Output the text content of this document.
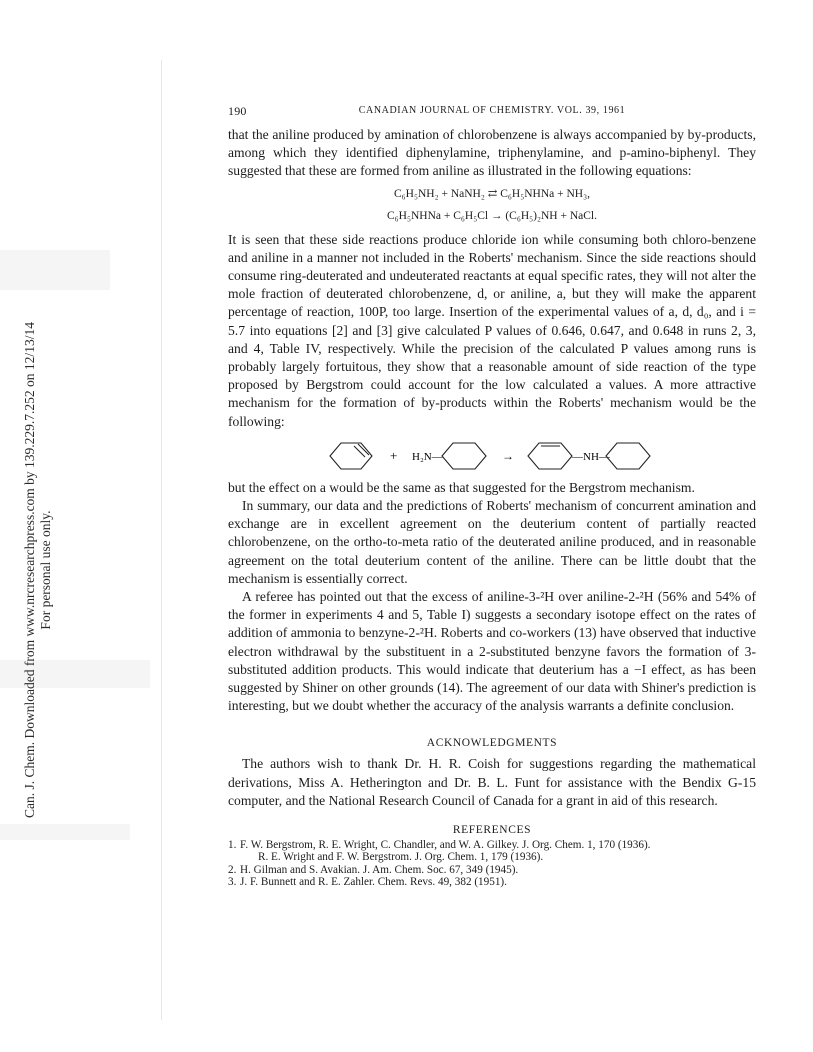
Can. J. Chem. Downloaded from www.nrcresearchpress.com by 139.229.7.252 on 12/13/14 For personal use only.
190	CANADIAN JOURNAL OF CHEMISTRY. VOL. 39, 1961

that the aniline produced by amination of chlorobenzene is always accompanied by by-products, among which they identified diphenylamine, triphenylamine, and p-amino-biphenyl. They suggested that these are formed from aniline as illustrated in the following equations:

C₆H₅NH₂ + NaNH₂ ⇄ C₆H₅NHNa + NH₃,
C₆H₅NHNa + C₆H₅Cl → (C₆H₅)₂NH + NaCl.

It is seen that these side reactions produce chloride ion while consuming both chloro-benzene and aniline in a manner not included in the Roberts' mechanism. Since the side reactions should consume ring-deuterated and undeuterated reactants at equal specific rates, they will not alter the mole fraction of deuterated chlorobenzene, d, or aniline, a, but they will make the apparent percentage of reaction, 100P, too large. Insertion of the experimental values of a, d, d₀, and i = 5.7 into equations [2] and [3] give calculated P values of 0.646, 0.647, and 0.648 in runs 2, 3, and 4, Table IV, respectively. While the precision of the calculated P values among runs is probably largely fortuitous, they show that a reasonable amount of side reaction of the type proposed by Bergstrom could account for the low calculated a values. A more attractive mechanism for the formation of by-products within the Roberts' mechanism would be the following:

+ H₂N—	→	—NH—

but the effect on a would be the same as that suggested for the Bergstrom mechanism.

In summary, our data and the predictions of Roberts' mechanism of concurrent amination and exchange are in excellent agreement on the deuterium content of partially reacted chlorobenzene, on the ortho-to-meta ratio of the deuterated aniline produced, and in reasonable agreement on the total deuterium content of the aniline. There can be little doubt that the mechanism is essentially correct.

A referee has pointed out that the excess of aniline-3-²H over aniline-2-²H (56% and 54% of the former in experiments 4 and 5, Table I) suggests a secondary isotope effect on the rates of addition of ammonia to benzyne-2-²H. Roberts and co-workers (13) have observed that inductive electron withdrawal by the substituent in a 2-substituted benzyne favors the formation of 3-substituted addition products. This would indicate that deuterium has a −I effect, as has been suggested by Shiner on other grounds (14). The agreement of our data with Shiner's prediction is interesting, but we doubt whether the accuracy of the analysis warrants a definite conclusion.

ACKNOWLEDGMENTS

The authors wish to thank Dr. H. R. Coish for suggestions regarding the mathematical derivations, Miss A. Hetherington and Dr. B. L. Funt for assistance with the Bendix G-15 computer, and the National Research Council of Canada for a grant in aid of this research.

REFERENCES
1. F. W. Bergstrom, R. E. Wright, C. Chandler, and W. A. Gilkey. J. Org. Chem. 1, 170 (1936).
R. E. Wright and F. W. Bergstrom. J. Org. Chem. 1, 179 (1936).
2. H. Gilman and S. Avakian. J. Am. Chem. Soc. 67, 349 (1945).
3. J. F. Bunnett and R. E. Zahler. Chem. Revs. 49, 382 (1951).
